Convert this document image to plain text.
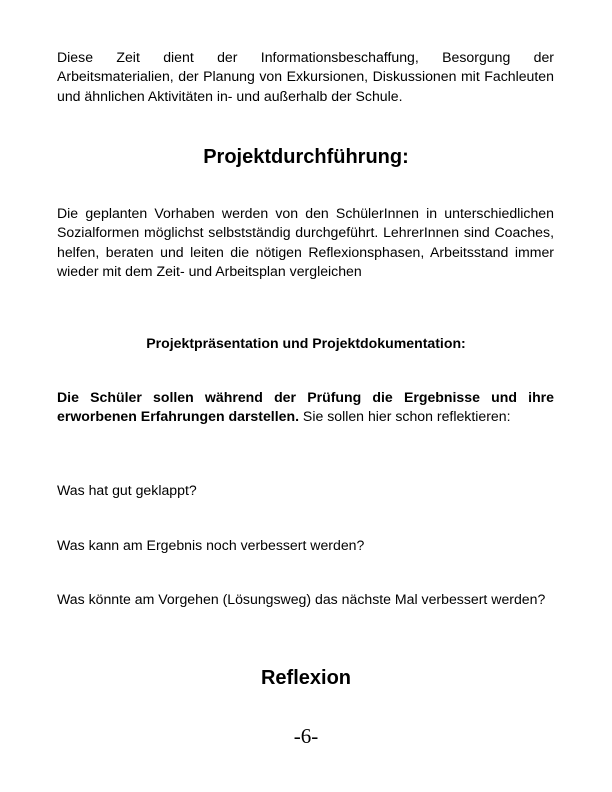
Diese Zeit dient der Informationsbeschaffung, Besorgung der Arbeitsmaterialien, der Planung von Exkursionen, Diskussionen mit Fachleuten und ähnlichen Aktivitäten in- und außerhalb der Schule.

Projektdurchführung:

Die geplanten Vorhaben werden von den SchülerInnen in unterschiedlichen Sozialformen möglichst selbstständig durchgeführt. LehrerInnen sind Coaches, helfen, beraten und leiten die nötigen Reflexionsphasen, Arbeitsstand immer wieder mit dem Zeit- und Arbeitsplan vergleichen

Projektpräsentation und Projektdokumentation:

Die Schüler sollen während der Prüfung die Ergebnisse und ihre erworbenen Erfahrungen darstellen. Sie sollen hier schon reflektieren:

Was hat gut geklappt?

Was kann am Ergebnis noch verbessert werden?

Was könnte am Vorgehen (Lösungsweg) das nächste Mal verbessert werden?

Reflexion
-6-
